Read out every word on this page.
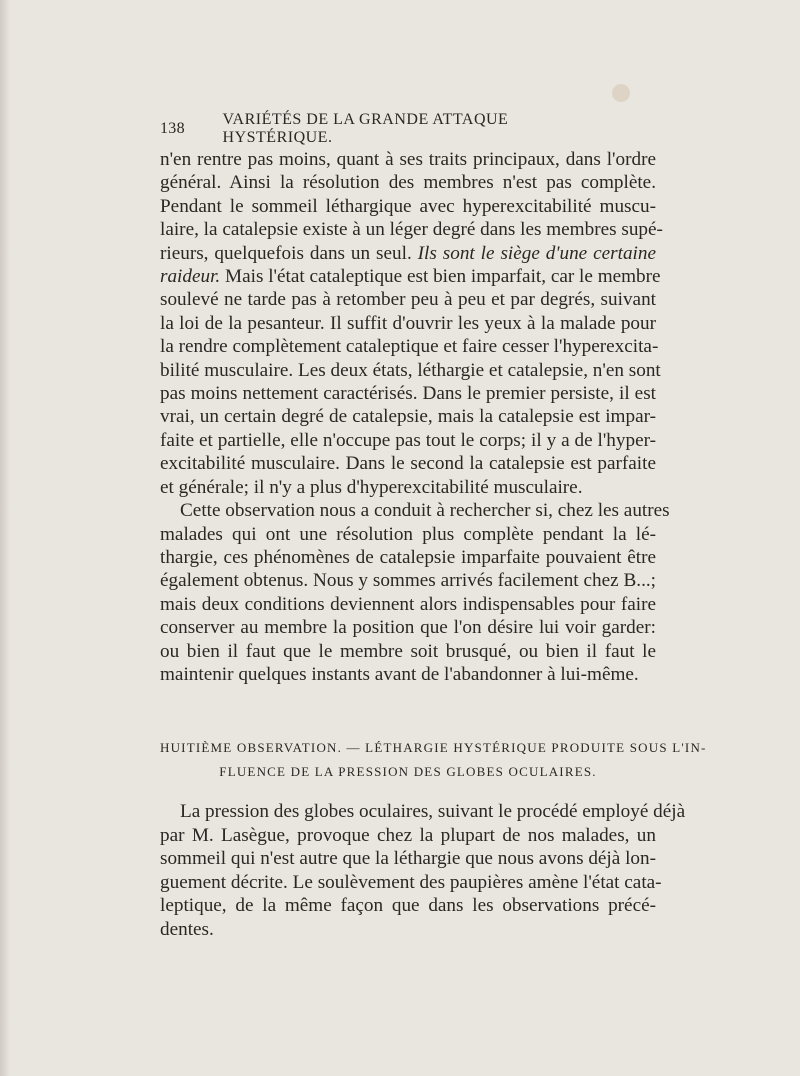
138
VARIÉTÉS DE LA GRANDE ATTAQUE HYSTÉRIQUE.

n'en rentre pas moins, quant à ses traits principaux, dans l'ordre
général. Ainsi la résolution des membres n'est pas complète.
Pendant le sommeil léthargique avec hyperexcitabilité muscu-
laire, la catalepsie existe à un léger degré dans les membres supé-
rieurs, quelquefois dans un seul. Ils sont le siège d'une certaine
raideur. Mais l'état cataleptique est bien imparfait, car le membre
soulevé ne tarde pas à retomber peu à peu et par degrés, suivant
la loi de la pesanteur. Il suffit d'ouvrir les yeux à la malade pour
la rendre complètement cataleptique et faire cesser l'hyperexcita-
bilité musculaire. Les deux états, léthargie et catalepsie, n'en sont
pas moins nettement caractérisés. Dans le premier persiste, il est
vrai, un certain degré de catalepsie, mais la catalepsie est impar-
faite et partielle, elle n'occupe pas tout le corps; il y a de l'hyper-
excitabilité musculaire. Dans le second la catalepsie est parfaite
et générale; il n'y a plus d'hyperexcitabilité musculaire.

Cette observation nous a conduit à rechercher si, chez les autres
malades qui ont une résolution plus complète pendant la lé-
thargie, ces phénomènes de catalepsie imparfaite pouvaient être
également obtenus. Nous y sommes arrivés facilement chez B...;
mais deux conditions deviennent alors indispensables pour faire
conserver au membre la position que l'on désire lui voir garder:
ou bien il faut que le membre soit brusqué, ou bien il faut le
maintenir quelques instants avant de l'abandonner à lui-même.

HUITIÈME OBSERVATION. — LÉTHARGIE HYSTÉRIQUE PRODUITE SOUS L'IN-
FLUENCE DE LA PRESSION DES GLOBES OCULAIRES.

La pression des globes oculaires, suivant le procédé employé déjà
par M. Lasègue, provoque chez la plupart de nos malades, un
sommeil qui n'est autre que la léthargie que nous avons déjà lon-
guement décrite. Le soulèvement des paupières amène l'état cata-
leptique, de la même façon que dans les observations précé-
dentes.
